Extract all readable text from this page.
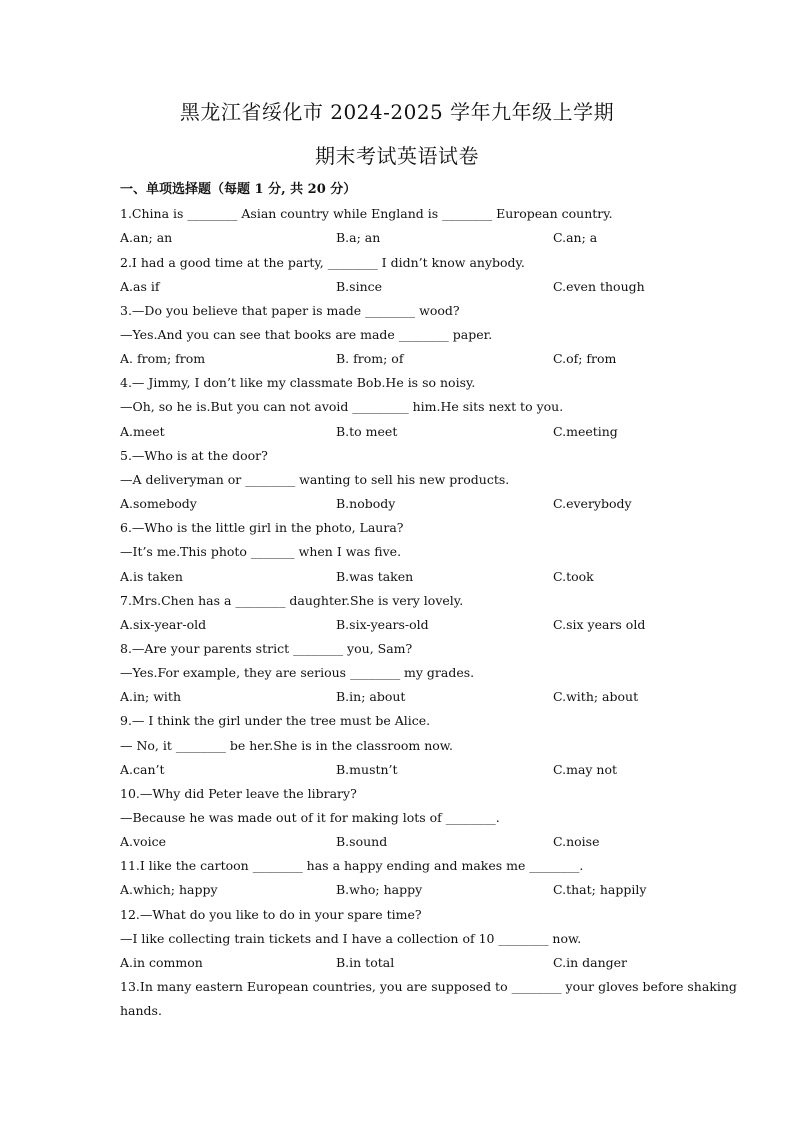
黑龙江省绥化市 2024-2025 学年九年级上学期
期末考试英语试卷
一、单项选择题（每题 1 分, 共 20 分）
1.China is ________ Asian country while England is ________ European country.
A.an; an	B.a; an	C.an; a
2.I had a good time at the party, ________ I didn’t know anybody.
A.as if	B.since	C.even though
3.—Do you believe that paper is made ________ wood?
—Yes.And you can see that books are made ________ paper.
A. from; from	B. from; of	C.of; from
4.— Jimmy, I don’t like my classmate Bob.He is so noisy.
—Oh, so he is.But you can not avoid _________ him.He sits next to you.
A.meet	B.to meet	C.meeting
5.—Who is at the door?
—A deliveryman or ________ wanting to sell his new products.
A.somebody	B.nobody	C.everybody
6.—Who is the little girl in the photo, Laura?
—It’s me.This photo _______ when I was five.
A.is taken	B.was taken	C.took
7.Mrs.Chen has a ________ daughter.She is very lovely.
A.six-year-old	B.six-years-old	C.six years old
8.—Are your parents strict ________ you, Sam?
—Yes.For example, they are serious ________ my grades.
A.in; with	B.in; about	C.with; about
9.— I think the girl under the tree must be Alice.
— No, it ________ be her.She is in the classroom now.
A.can’t	B.mustn’t	C.may not
10.—Why did Peter leave the library?
—Because he was made out of it for making lots of ________.
A.voice	B.sound	C.noise
11.I like the cartoon ________ has a happy ending and makes me ________.
A.which; happy	B.who; happy	C.that; happily
12.—What do you like to do in your spare time?
—I like collecting train tickets and I have a collection of 10 ________ now.
A.in common	B.in total	C.in danger
13.In many eastern European countries, you are supposed to ________ your gloves before shaking
hands.
